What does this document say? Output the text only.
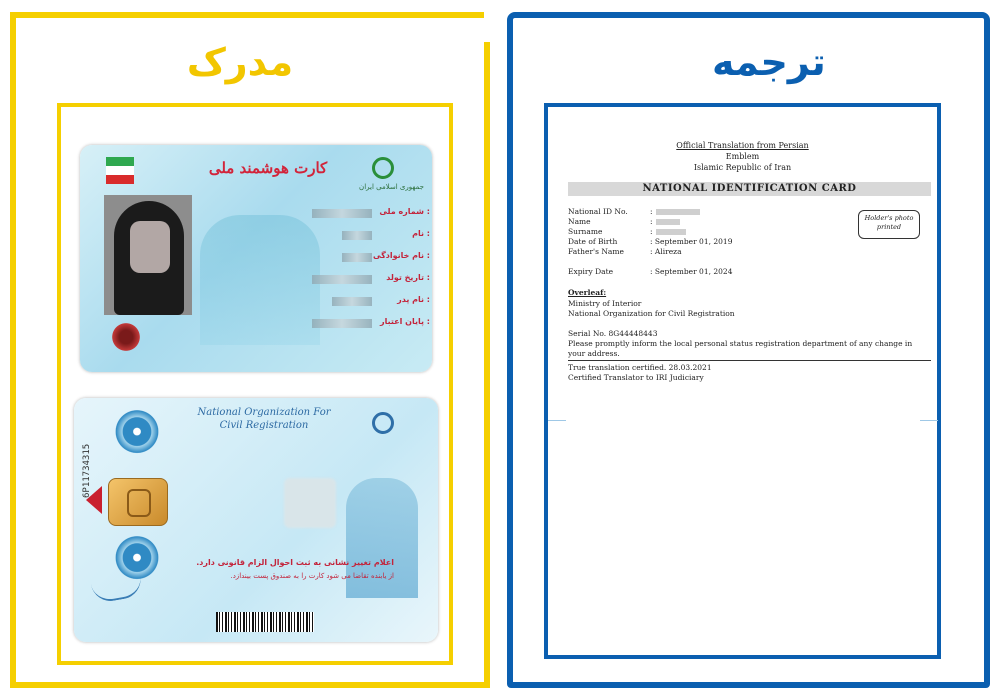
مدرک	ترجمه
کارت هوشمند ملی
جمهوری اسلامی ایران
شماره ملی :
نام :
نام خانوادگی :
تاریخ تولد :
نام پدر :
پایان اعتبار :
National Organization For
Civil Registration
6P11734315
اعلام تغییر نشانی به ثبت احوال الزام قانونی دارد.
از یابنده تقاضا می شود کارت را به صندوق پست بیندازد.
Official Translation from Persian
Emblem
Islamic Republic of Iran
NATIONAL IDENTIFICATION CARD
National ID No.	:
Name	:
Surname	:
Date of Birth	: September 01, 2019
Father's Name	: Alireza
Expiry Date	: September 01, 2024
Holder's photo printed
Overleaf:
Ministry of Interior
National Organization for Civil Registration
Serial No. 8G44448443
Please promptly inform the local personal status registration department of any change in your address.
True translation certified. 28.03.2021
Certified Translator to IRI Judiciary
